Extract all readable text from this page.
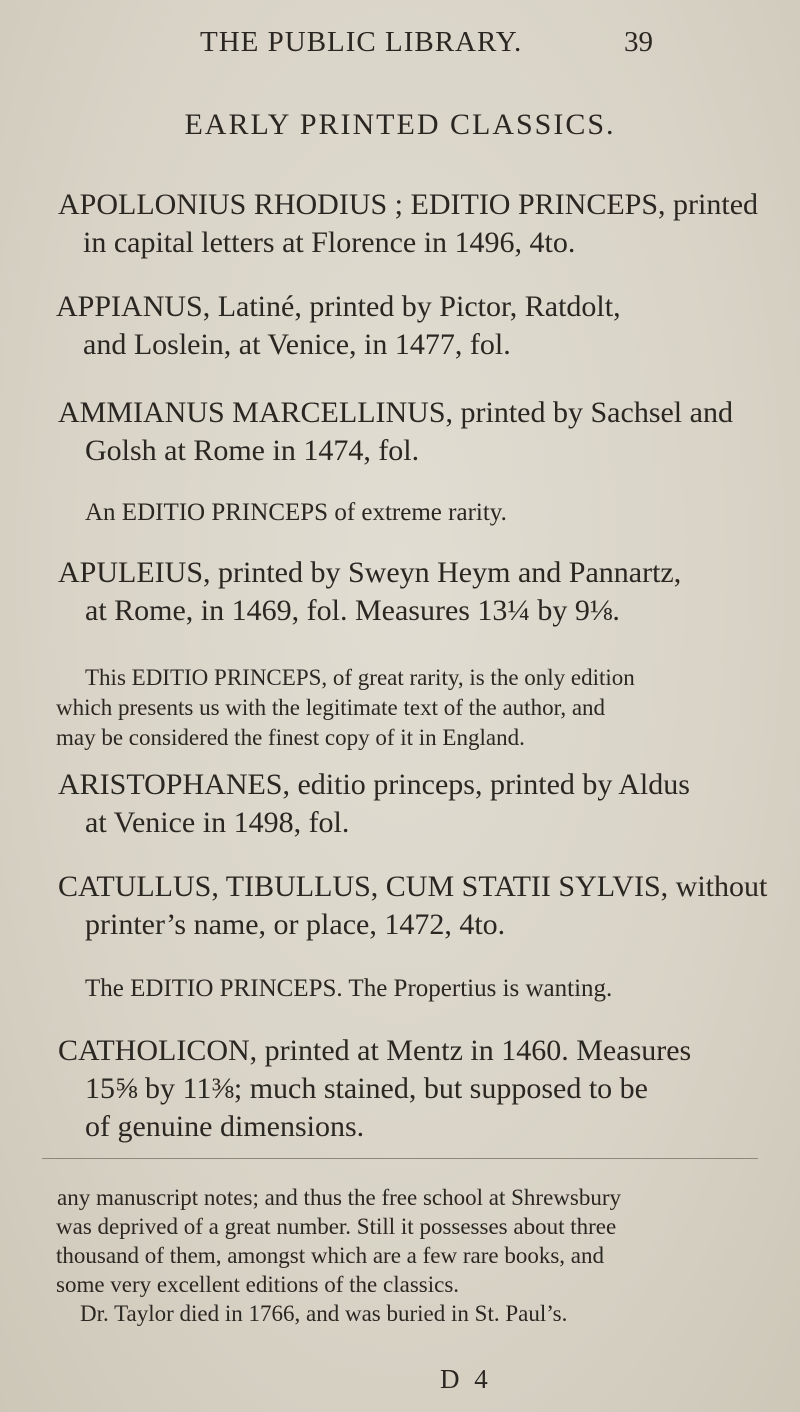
THE PUBLIC LIBRARY.	39
EARLY PRINTED CLASSICS.
APOLLONIUS RHODIUS ; EDITIO PRINCEPS, printed
in capital letters at Florence in 1496, 4to.
APPIANUS, Latiné, printed by Pictor, Ratdolt,
and Loslein, at Venice, in 1477, fol.
AMMIANUS MARCELLINUS, printed by Sachsel and
Golsh at Rome in 1474, fol.
An EDITIO PRINCEPS of extreme rarity.
APULEIUS, printed by Sweyn Heym and Pannartz,
at Rome, in 1469, fol. Measures 13¼ by 9⅛.
This EDITIO PRINCEPS, of great rarity, is the only edition
which presents us with the legitimate text of the author, and
may be considered the finest copy of it in England.
ARISTOPHANES, editio princeps, printed by Aldus
at Venice in 1498, fol.
CATULLUS, TIBULLUS, CUM STATII SYLVIS, without
printer’s name, or place, 1472, 4to.
The EDITIO PRINCEPS. The Propertius is wanting.
CATHOLICON, printed at Mentz in 1460. Measures
15⅝ by 11⅜; much stained, but supposed to be
of genuine dimensions.
any manuscript notes; and thus the free school at Shrewsbury
was deprived of a great number. Still it possesses about three
thousand of them, amongst which are a few rare books, and
some very excellent editions of the classics.
Dr. Taylor died in 1766, and was buried in St. Paul’s.
D 4
